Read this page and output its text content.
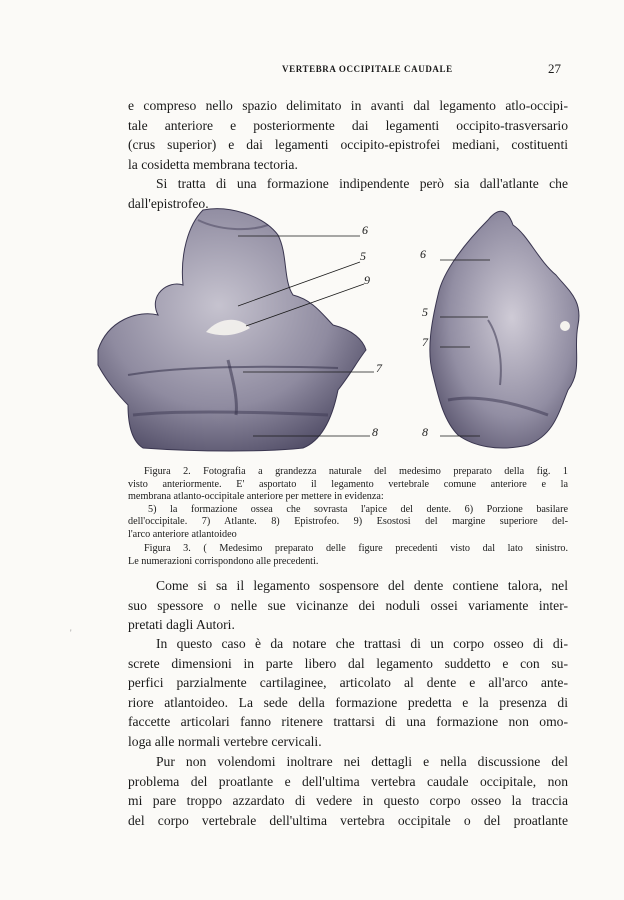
VERTEBRA OCCIPITALE CAUDALE	27
e compreso nello spazio delimitato in avanti dal legamento atlo-occipi-
tale anteriore e posteriormente dai legamenti occipito-trasversario
(crus superior) e dai legamenti occipito-epistrofei mediani, costituenti
la cosidetta membrana tectoria.
Si tratta di una formazione indipendente però sia dall'atlante che
dall'epistrofeo.
6
5
9
7
8
6
5
7
8
Figura 2. Fotografia a grandezza naturale del medesimo preparato della fig. 1
visto anteriormente. E' asportato il legamento vertebrale comune anteriore e la
membrana atlanto-occipitale anteriore per mettere in evidenza:
5) la formazione ossea che sovrasta l'apice del dente. 6) Porzione basilare
dell'occipitale. 7) Atlante. 8) Epistrofeo. 9) Esostosi del margine superiore del-
l'arco anteriore atlantoideo
Figura 3. ( Medesimo preparato delle figure precedenti visto dal lato sinistro.
Le numerazioni corrispondono alle precedenti.
Come si sa il legamento sospensore del dente contiene talora, nel
suo spessore o nelle sue vicinanze dei noduli ossei variamente inter-
pretati dagli Autori.
In questo caso è da notare che trattasi di un corpo osseo di di-
screte dimensioni in parte libero dal legamento suddetto e con su-
perfici parzialmente cartilaginee, articolato al dente e all'arco ante-
riore atlantoideo. La sede della formazione predetta e la presenza di
faccette articolari fanno ritenere trattarsi di una formazione non omo-
loga alle normali vertebre cervicali.
Pur non volendomi inoltrare nei dettagli e nella discussione del
problema del proatlante e dell'ultima vertebra caudale occipitale, non
mi pare troppo azzardato di vedere in questo corpo osseo la traccia
del corpo vertebrale dell'ultima vertebra occipitale o del proatlante
'
